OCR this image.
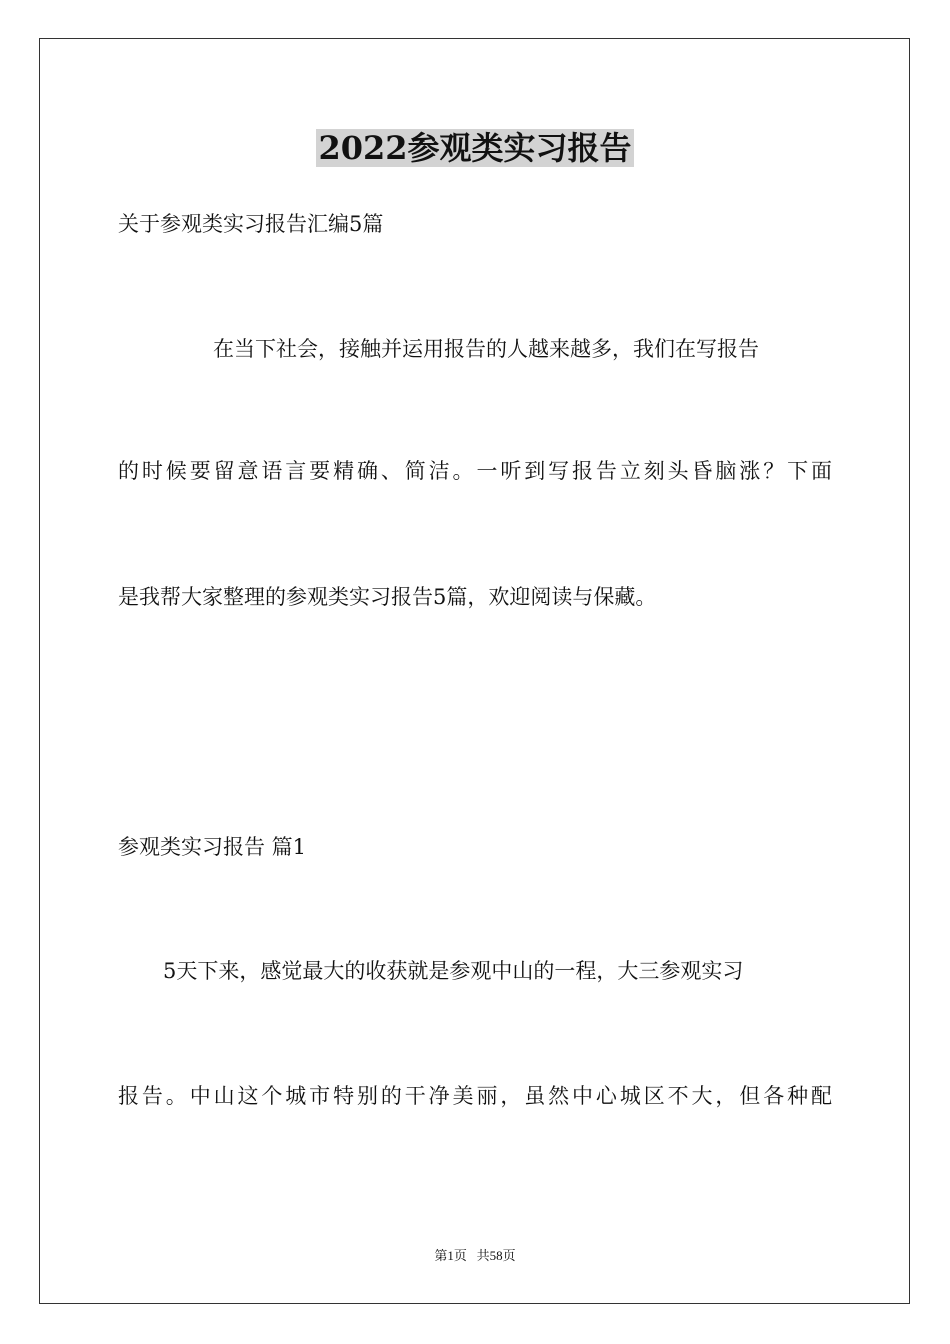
2022参观类实习报告
关于参观类实习报告汇编5篇
在当下社会，接触并运用报告的人越来越多，我们在写报告
的时候要留意语言要精确、简洁。一听到写报告立刻头昏脑涨？下面
是我帮大家整理的参观类实习报告5篇，欢迎阅读与保藏。
参观类实习报告 篇1
5天下来，感觉最大的收获就是参观中山的一程，大三参观实习
报告。中山这个城市特别的干净美丽，虽然中心城区不大，但各种配
第1页   共58页
